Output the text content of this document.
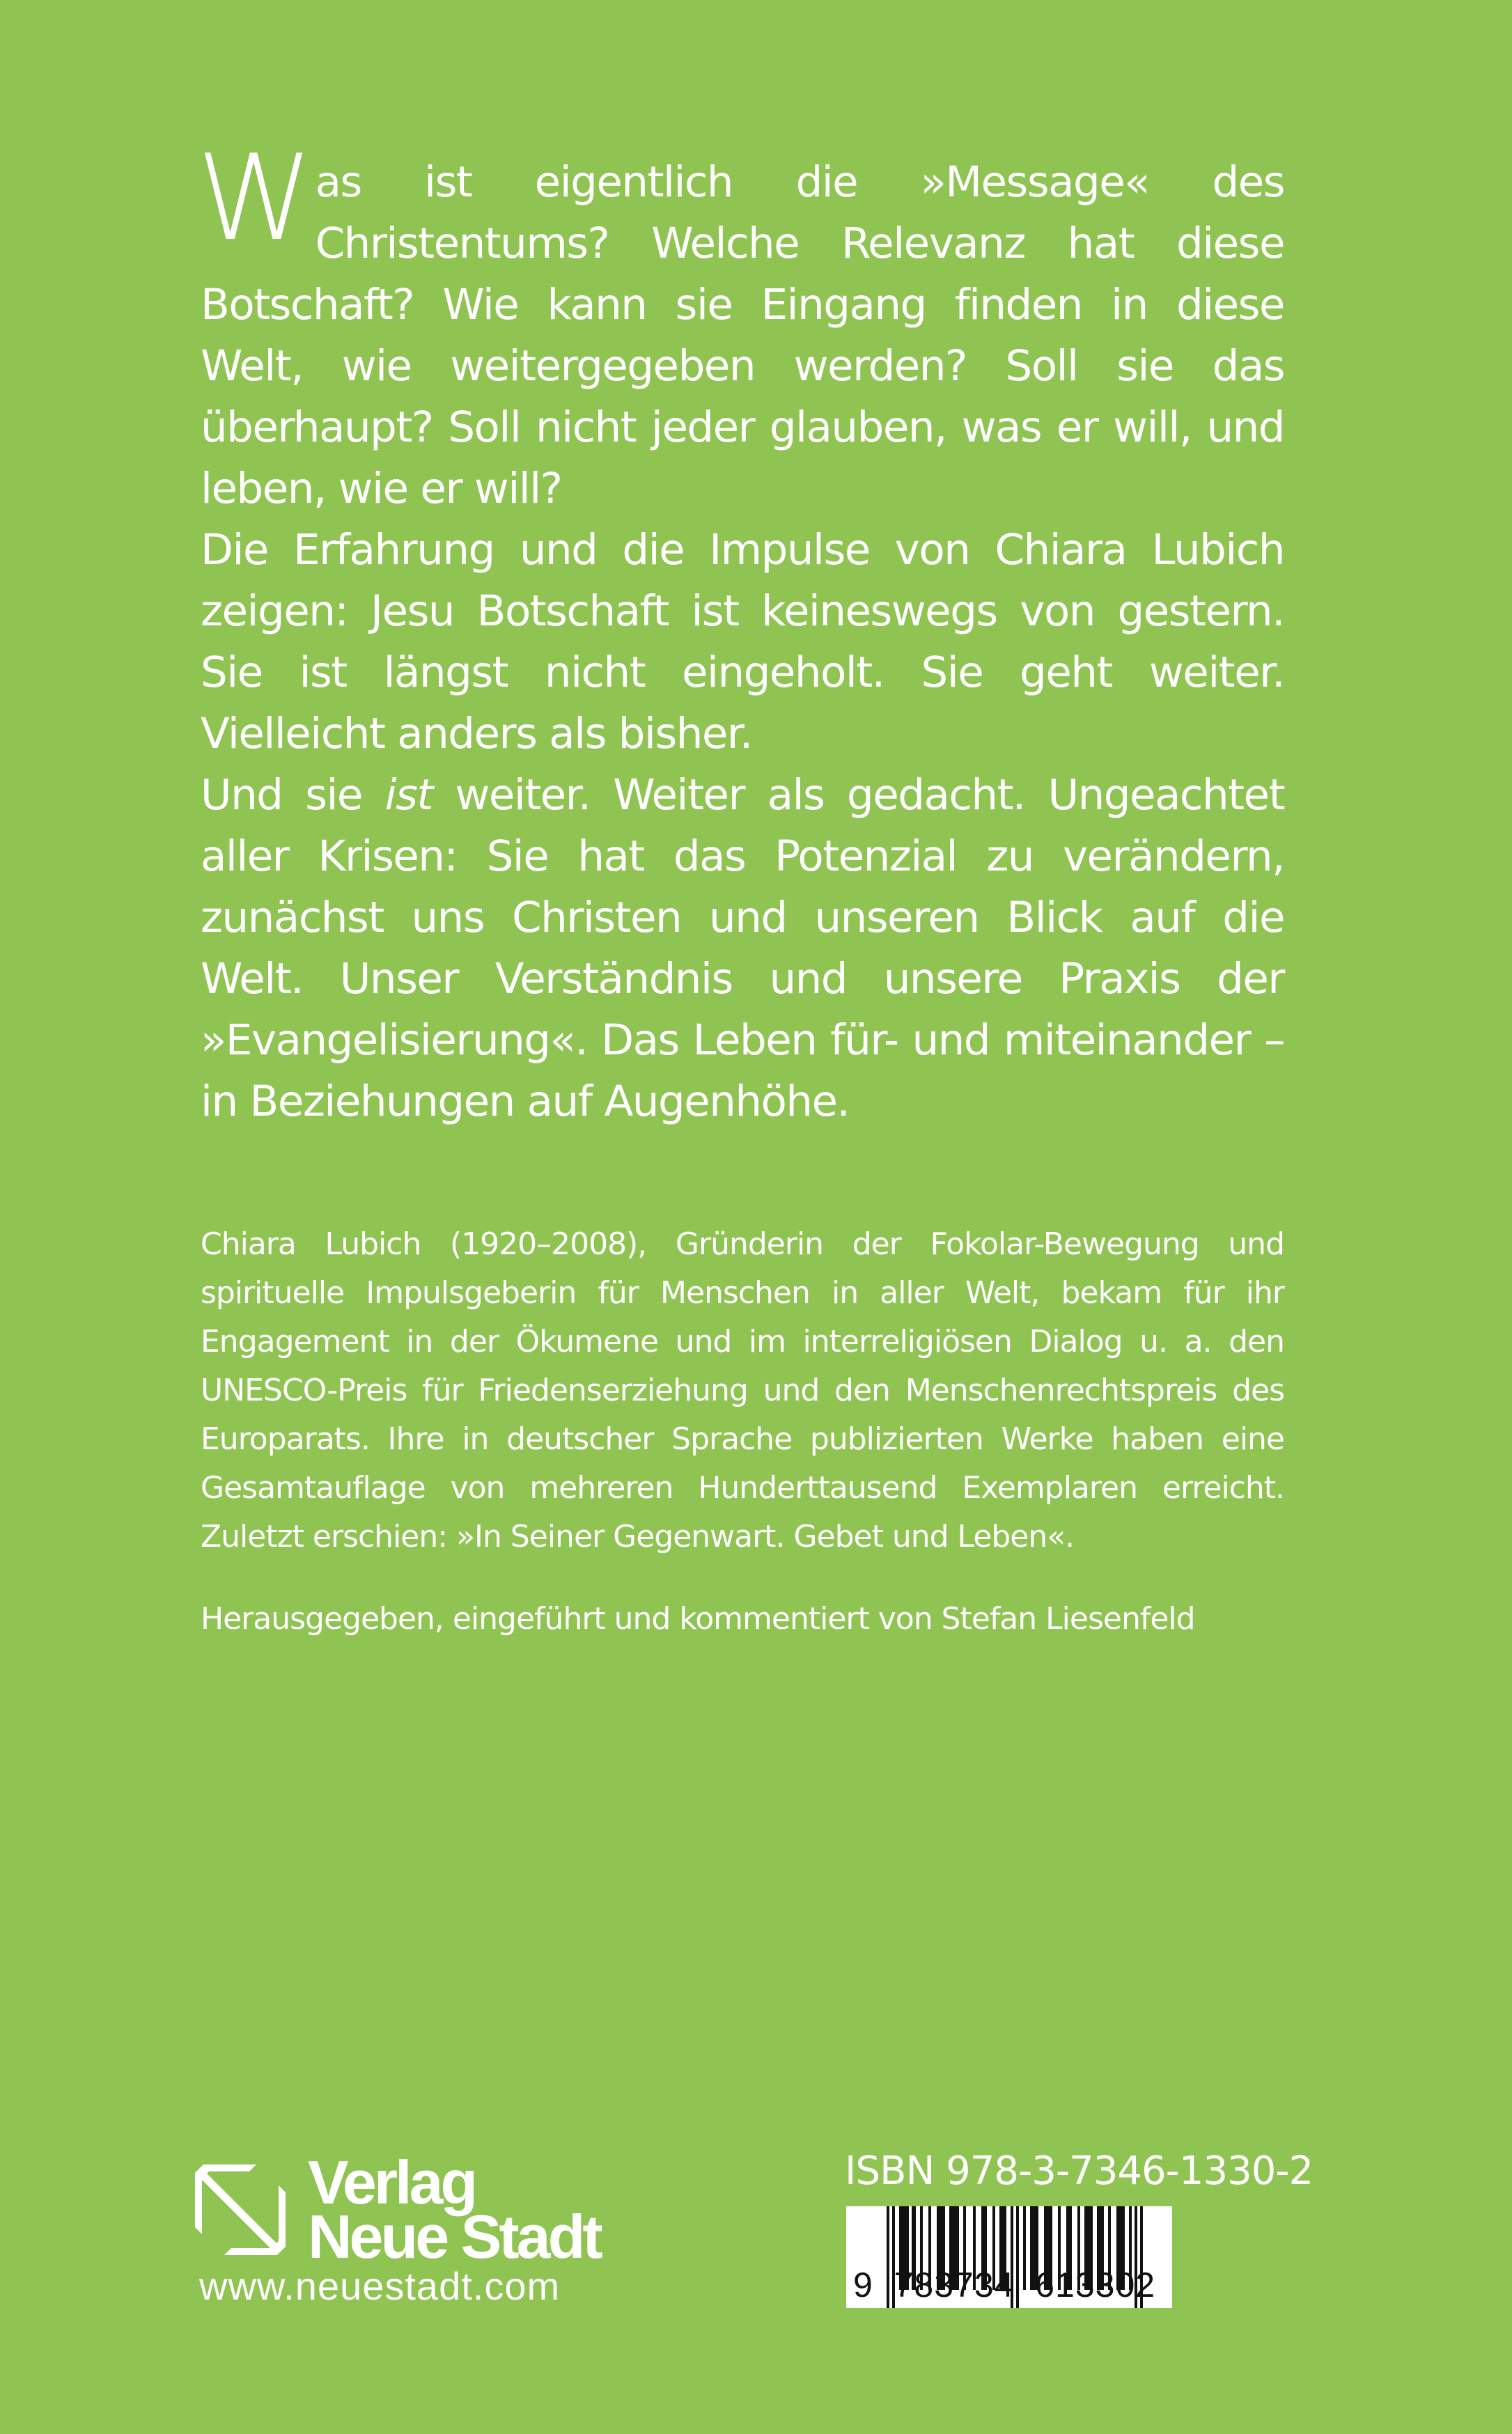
Was ist eigentlich die »Message« des Christentums? Welche Relevanz hat diese Botschaft? Wie kann sie Eingang finden in diese Welt, wie weitergegeben werden? Soll sie das überhaupt? Soll nicht jeder glauben, was er will, und leben, wie er will?

Die Erfahrung und die Impulse von Chiara Lubich zeigen: Jesu Botschaft ist keineswegs von gestern. Sie ist längst nicht eingeholt. Sie geht weiter. Vielleicht anders als bisher.

Und sie ist weiter. Weiter als gedacht. Ungeachtet aller Krisen: Sie hat das Potenzial zu verändern, zunächst uns Christen und unseren Blick auf die Welt. Unser Verständnis und unsere Praxis der »Evangelisierung«. Das Leben für- und miteinander – in Beziehungen auf Augenhöhe.

Chiara Lubich (1920–2008), Gründerin der Fokolar-Bewegung und spirituelle Impulsgeberin für Menschen in aller Welt, bekam für ihr Engagement in der Ökumene und im interreligiösen Dialog u. a. den UNESCO-Preis für Friedenserziehung und den Menschenrechtspreis des Europarats. Ihre in deutscher Sprache publizierten Werke haben eine Gesamtauflage von mehreren Hunderttausend Exemplaren erreicht. Zuletzt erschien: »In Seiner Gegenwart. Gebet und Leben«.

Herausgegeben, eingeführt und kommentiert von Stefan Liesenfeld
Verlag
Neue Stadt
www.neuestadt.com
ISBN 978-3-7346-1330-2
9  783734  613302
